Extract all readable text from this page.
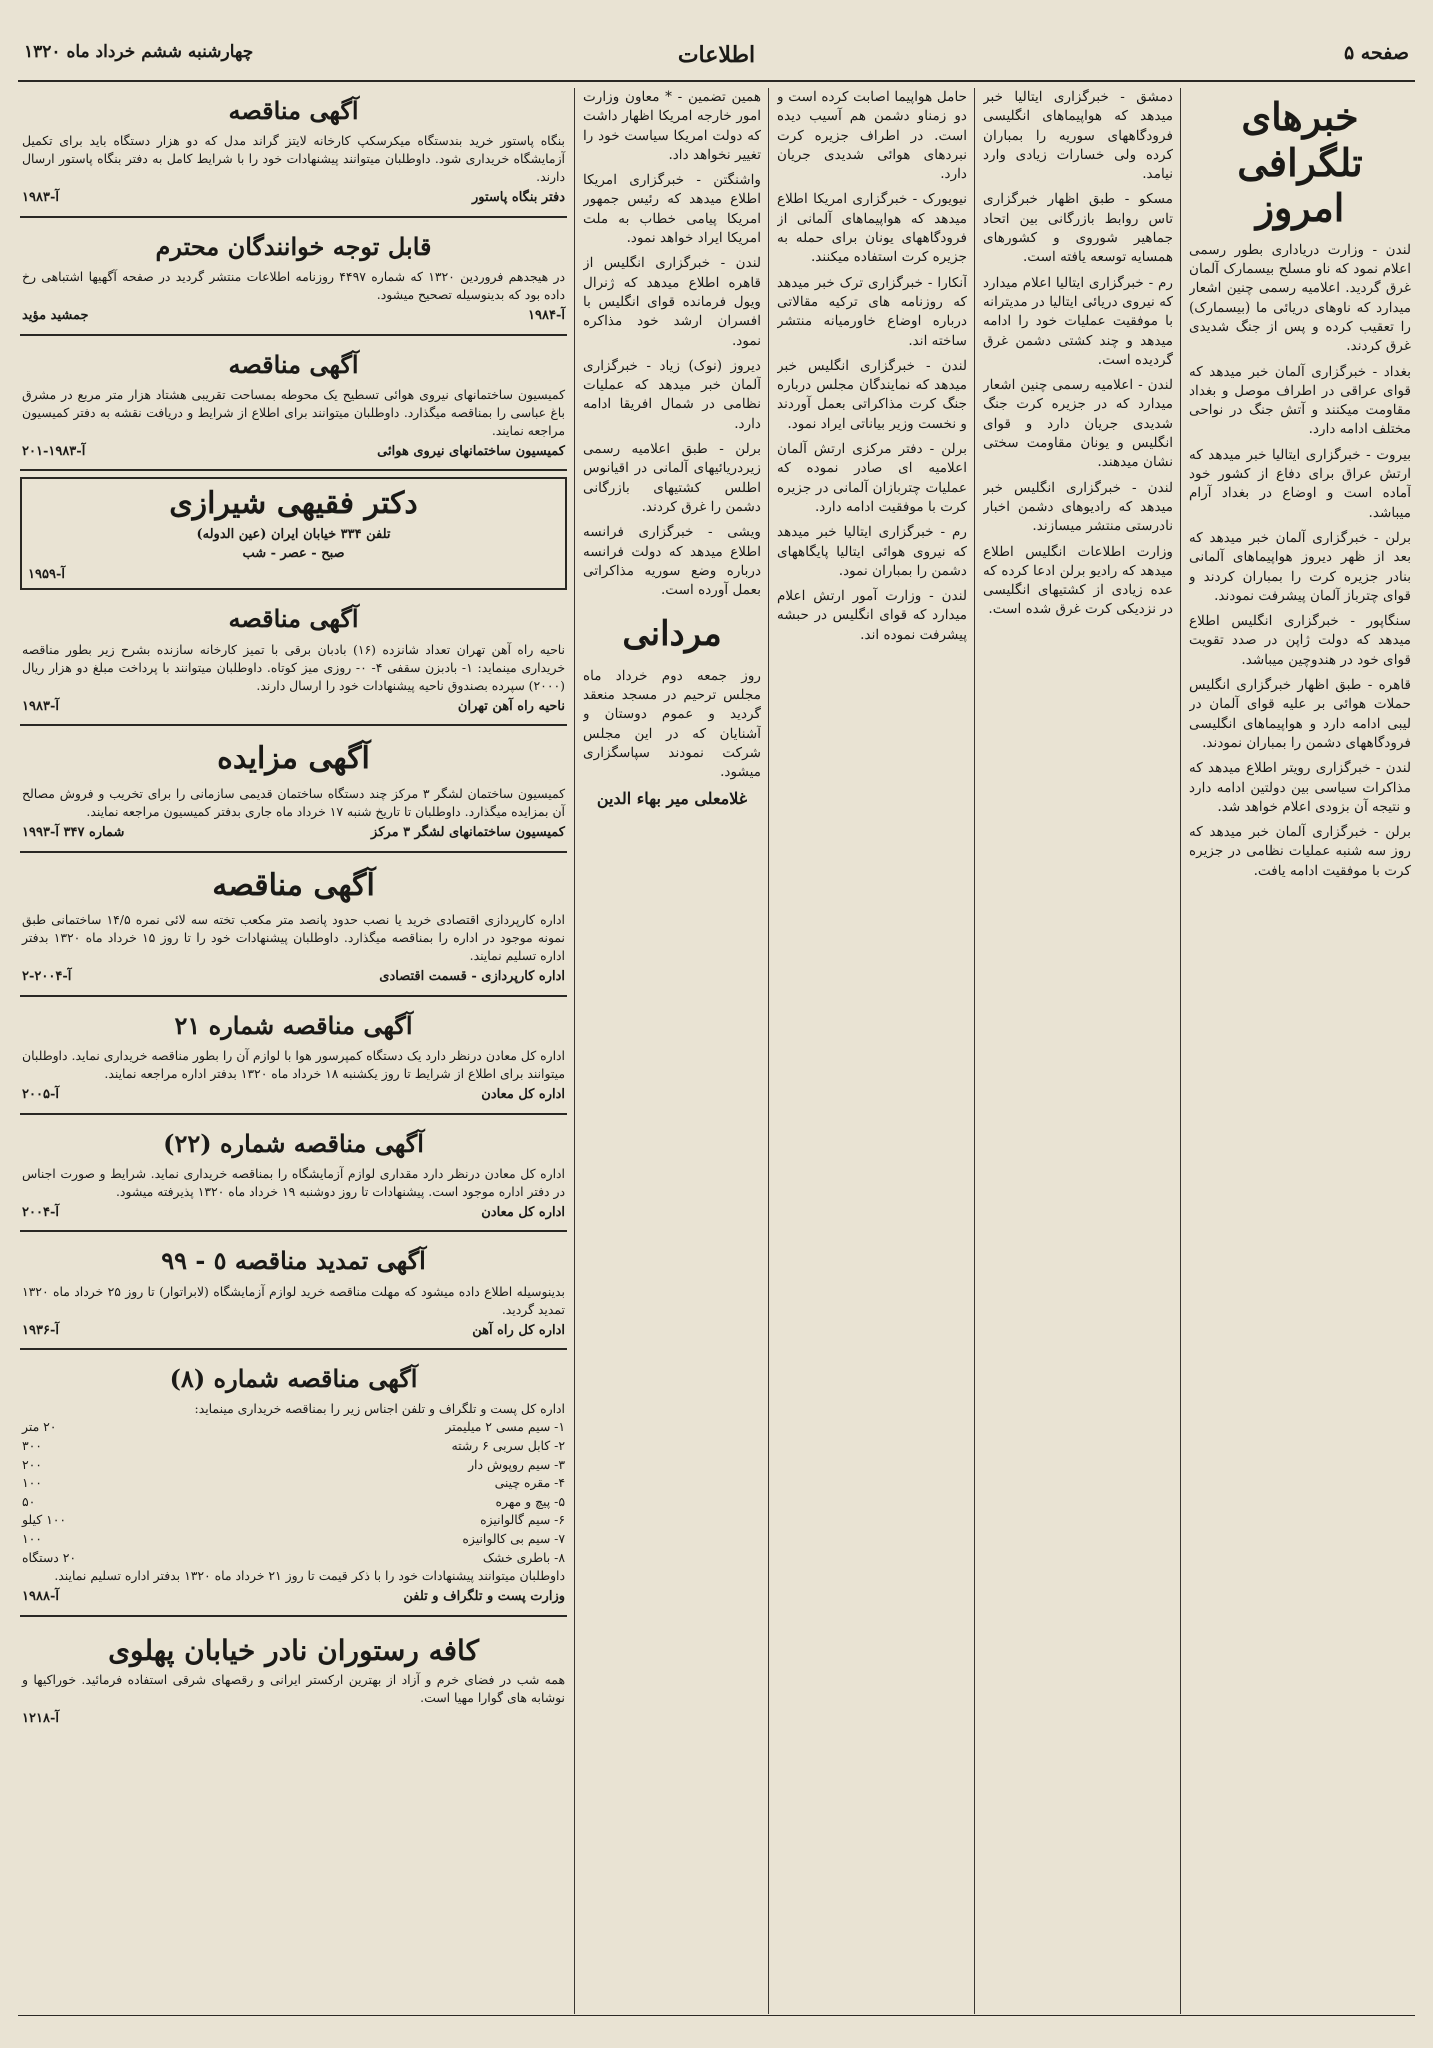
صفحه ۵
اطلاعات
چهارشنبه ششم خرداد ماه ۱۳۲۰
خبرهای تلگرافی امروز

لندن - وزارت دریاداری بطور رسمی اعلام نمود که ناو مسلح بیسمارک آلمان غرق گردید. اعلامیه رسمی چنین اشعار میدارد که ناوهای دریائی ما (بیسمارک) را تعقیب کرده و پس از جنگ شدیدی غرق کردند.

بغداد - خبرگزاری آلمان خبر میدهد که قوای عراقی در اطراف موصل و بغداد مقاومت میکنند و آتش جنگ در نواحی مختلف ادامه دارد.

بیروت - خبرگزاری ایتالیا خبر میدهد که ارتش عراق برای دفاع از کشور خود آماده است و اوضاع در بغداد آرام میباشد.

برلن - خبرگزاری آلمان خبر میدهد که بعد از ظهر دیروز هواپیماهای آلمانی بنادر جزیره کرت را بمباران کردند و قوای چترباز آلمان پیشرفت نمودند.

سنگاپور - خبرگزاری انگلیس اطلاع میدهد که دولت ژاپن در صدد تقویت قوای خود در هندوچین میباشد.

قاهره - طبق اظهار خبرگزاری انگلیس حملات هوائی بر علیه قوای آلمان در لیبی ادامه دارد و هواپیماهای انگلیسی فرودگاههای دشمن را بمباران نمودند.

لندن - خبرگزاری رویتر اطلاع میدهد که مذاکرات سیاسی بین دولتین ادامه دارد و نتیجه آن بزودی اعلام خواهد شد.

برلن - خبرگزاری آلمان خبر میدهد که روز سه شنبه عملیات نظامی در جزیره کرت با موفقیت ادامه یافت.

دمشق - خبرگزاری ایتالیا خبر میدهد که هواپیماهای انگلیسی فرودگاههای سوریه را بمباران کرده ولی خسارات زیادی وارد نیامد.

مسکو - طبق اظهار خبرگزاری تاس روابط بازرگانی بین اتحاد جماهیر شوروی و کشورهای همسایه توسعه یافته است.

رم - خبرگزاری ایتالیا اعلام میدارد که نیروی دریائی ایتالیا در مدیترانه با موفقیت عملیات خود را ادامه میدهد و چند کشتی دشمن غرق گردیده است.

لندن - اعلامیه رسمی چنین اشعار میدارد که در جزیره کرت جنگ شدیدی جریان دارد و قوای انگلیس و یونان مقاومت سختی نشان میدهند.

لندن - خبرگزاری انگلیس خبر میدهد که رادیوهای دشمن اخبار نادرستی منتشر میسازند.

وزارت اطلاعات انگلیس اطلاع میدهد که رادیو برلن ادعا کرده که عده زیادی از کشتیهای انگلیسی در نزدیکی کرت غرق شده است.

حامل هواپیما اصابت کرده است و دو زمناو دشمن هم آسیب دیده است. در اطراف جزیره کرت نبردهای هوائی شدیدی جریان دارد.

نیویورک - خبرگزاری امریکا اطلاع میدهد که هواپیماهای آلمانی از فرودگاههای یونان برای حمله به جزیره کرت استفاده میکنند.

آنکارا - خبرگزاری ترک خبر میدهد که روزنامه های ترکیه مقالاتی درباره اوضاع خاورمیانه منتشر ساخته اند.

لندن - خبرگزاری انگلیس خبر میدهد که نمایندگان مجلس درباره جنگ کرت مذاکراتی بعمل آوردند و نخست وزیر بیاناتی ایراد نمود.

برلن - دفتر مرکزی ارتش آلمان اعلامیه ای صادر نموده که عملیات چتربازان آلمانی در جزیره کرت با موفقیت ادامه دارد.

رم - خبرگزاری ایتالیا خبر میدهد که نیروی هوائی ایتالیا پایگاههای دشمن را بمباران نمود.

لندن - وزارت آمور ارتش اعلام میدارد که قوای انگلیس در حبشه پیشرفت نموده اند.

همین تضمین - * معاون وزارت امور خارجه امریکا اظهار داشت که دولت امریکا سیاست خود را تغییر نخواهد داد.

واشنگتن - خبرگزاری امریکا اطلاع میدهد که رئیس جمهور امریکا پیامی خطاب به ملت امریکا ایراد خواهد نمود.

لندن - خبرگزاری انگلیس از قاهره اطلاع میدهد که ژنرال ویول فرمانده قوای انگلیس با افسران ارشد خود مذاکره نمود.

دیروز (نوک) زیاد - خبرگزاری آلمان خبر میدهد که عملیات نظامی در شمال افریقا ادامه دارد.

برلن - طبق اعلامیه رسمی زیردریائیهای آلمانی در اقیانوس اطلس کشتیهای بازرگانی دشمن را غرق کردند.

ویشی - خبرگزاری فرانسه اطلاع میدهد که دولت فرانسه درباره وضع سوریه مذاکراتی بعمل آورده است.

مردانی

روز جمعه دوم خرداد ماه مجلس ترحیم در مسجد منعقد گردید و عموم دوستان و آشنایان که در این مجلس شرکت نمودند سپاسگزاری میشود.

غلامعلی میر بهاء الدین

آگهی مناقصه
بنگاه پاستور خرید بندستگاه میکرسکپ کارخانه لایتز گراند مدل که دو هزار دستگاه باید برای تکمیل آزمایشگاه خریداری شود. داوطلبان میتوانند پیشنهادات خود را با شرایط کامل به دفتر بنگاه پاستور ارسال دارند.
دفتر بنگاه پاستور
آ-۱۹۸۳
قابل توجه خوانندگان محترم
در هیجدهم فروردین ۱۳۲۰ که شماره ۴۴۹۷ روزنامه اطلاعات منتشر گردید در صفحه آگهیها اشتباهی رخ داده بود که بدینوسیله تصحیح میشود.
آ-۱۹۸۴
جمشید مؤید
آگهی مناقصه
کمیسیون ساختمانهای نیروی هوائی تسطیح یک محوطه بمساحت تقریبی هشتاد هزار متر مربع در مشرق باغ عباسی را بمناقصه میگذارد. داوطلبان میتوانند برای اطلاع از شرایط و دریافت نقشه به دفتر کمیسیون مراجعه نمایند.
کمیسیون ساختمانهای نیروی هوائی
آ-۱۹۸۳-۲۰۱
دکتر فقیهی شیرازی
تلفن ۳۳۴ خیابان ایران (عین الدوله)
صبح - عصر - شب
آ-۱۹۵۹
آگهی مناقصه
ناحیه راه آهن تهران تعداد شانزده (۱۶) بادبان برقی با تمیز کارخانه سازنده بشرح زیر بطور مناقصه خریداری مینماید: ۱- بادبزن سقفی ۴- ۰- روزی میز کوتاه. داوطلبان میتوانند با پرداخت مبلغ دو هزار ریال (۲۰۰۰) سپرده بصندوق ناحیه پیشنهادات خود را ارسال دارند.
ناحیه راه آهن تهران
آ-۱۹۸۳
آگهی مزایده
کمیسیون ساختمان لشگر ۳ مرکز چند دستگاه ساختمان قدیمی سازمانی را برای تخریب و فروش مصالح آن بمزایده میگذارد. داوطلبان تا تاریخ شنبه ۱۷ خرداد ماه جاری بدفتر کمیسیون مراجعه نمایند.
کمیسیون ساختمانهای لشگر ۳ مرکز
شماره ۳۴۷ آ-۱۹۹۳
آگهی مناقصه
اداره کارپردازی اقتصادی خرید یا نصب حدود پانصد متر مکعب تخته سه لائی نمره ۱۴/۵ ساختمانی طبق نمونه موجود در اداره را بمناقصه میگذارد. داوطلبان پیشنهادات خود را تا روز ۱۵ خرداد ماه ۱۳۲۰ بدفتر اداره تسلیم نمایند.
اداره کارپردازی - قسمت اقتصادی
آ-۲۰۰۴-۲
آگهی مناقصه شماره ۲۱
اداره کل معادن درنظر دارد یک دستگاه کمپرسور هوا با لوازم آن را بطور مناقصه خریداری نماید. داوطلبان میتوانند برای اطلاع از شرایط تا روز یکشنبه ۱۸ خرداد ماه ۱۳۲۰ بدفتر اداره مراجعه نمایند.
اداره کل معادن
آ-۲۰۰۵
آگهی مناقصه شماره (۲۲)
اداره کل معادن درنظر دارد مقداری لوازم آزمایشگاه را بمناقصه خریداری نماید. شرایط و صورت اجناس در دفتر اداره موجود است. پیشنهادات تا روز دوشنبه ۱۹ خرداد ماه ۱۳۲۰ پذیرفته میشود.
اداره کل معادن
آ-۲۰۰۴
آگهی تمدید مناقصه ٥ - ۹۹
بدینوسیله اطلاع داده میشود که مهلت مناقصه خرید لوازم آزمایشگاه (لابراتوار) تا روز ۲۵ خرداد ماه ۱۳۲۰ تمدید گردید.
اداره کل راه آهن
آ-۱۹۳۶
آگهی مناقصه شماره (۸)
اداره کل پست و تلگراف و تلفن اجناس زیر را بمناقصه خریداری مینماید:
۱- سیم مسی ۲ میلیمتر
۲۰ متر
۲- کابل سربی ۶ رشته
۳۰۰
۳- سیم روپوش دار
۲۰۰
۴- مقره چینی
۱۰۰
۵- پیچ و مهره
۵۰
۶- سیم گالوانیزه
۱۰۰ کیلو
۷- سیم بی کالوانیزه
۱۰۰
۸- باطری خشک
۲۰ دستگاه
داوطلبان میتوانند پیشنهادات خود را با ذکر قیمت تا روز ۲۱ خرداد ماه ۱۳۲۰ بدفتر اداره تسلیم نمایند.
وزارت پست و تلگراف و تلفن
آ-۱۹۸۸
کافه رستوران نادر خیابان پهلوی
همه شب در فضای خرم و آزاد از بهترین ارکستر ایرانی و رقصهای شرقی استفاده فرمائید. خوراکیها و نوشابه های گوارا مهیا است.
آ-۱۲۱۸
